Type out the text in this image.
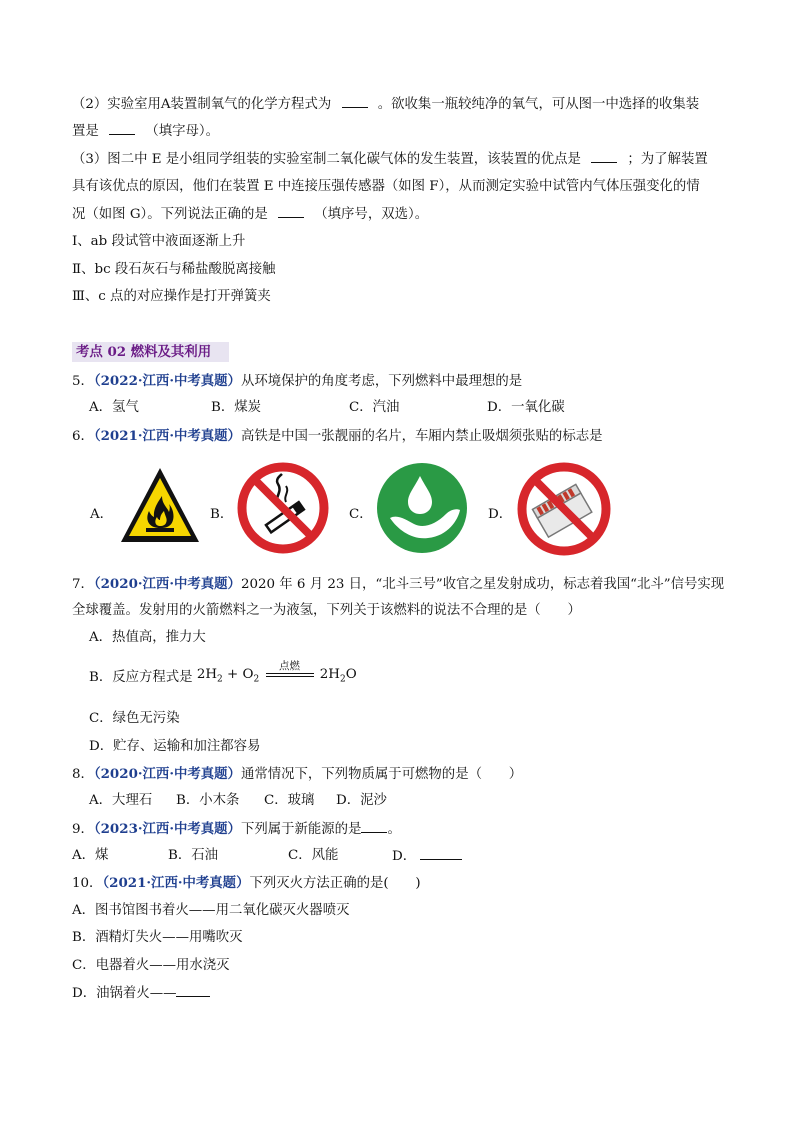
（2）实验室用A装置制氧气的化学方程式为	。欲收集一瓶较纯净的氧气，可从图一中选择的收集装
置是	（填字母）。
（3）图二中 E 是小组同学组装的实验室制二氧化碳气体的发生装置，该装置的优点是	；为了解装置
具有该优点的原因，他们在装置 E 中连接压强传感器（如图 F），从而测定实验中试管内气体压强变化的情
况（如图 G）。下列说法正确的是	（填序号，双选）。
Ⅰ、ab 段试管中液面逐渐上升
Ⅱ、bc 段石灰石与稀盐酸脱离接触
Ⅲ、c 点的对应操作是打开弹簧夹
考点 02 燃料及其利用
5．（2022·江西·中考真题）从环境保护的角度考虑，下列燃料中最理想的是
A．氢气	B．煤炭	C．汽油	D．一氧化碳
6．（2021·江西·中考真题）高铁是中国一张靓丽的名片，车厢内禁止吸烟须张贴的标志是
A．	B．	C．	D．
7．（2020·江西·中考真题）2020 年 6 月 23 日，“北斗三号”收官之星发射成功，标志着我国“北斗”信号实现
全球覆盖。发射用的火箭燃料之一为液氢，下列关于该燃料的说法不合理的是（　　）
A．热值高，推力大
B．反应方程式是 $2H_2 + O_2$
点燃
$2H_2O$
C．绿色无污染
D．贮存、运输和加注都容易
8．（2020·江西·中考真题）通常情况下，下列物质属于可燃物的是（　　）
A．大理石 B．小木条 C．玻璃 D．泥沙
9．（2023·江西·中考真题）下列属于新能源的是 。
A．煤	B．石油	C．风能	D．
10．（2021·江西·中考真题）下列灭火方法正确的是(　　)
A．图书馆图书着火——用二氧化碳灭火器喷灭
B．酒精灯失火——用嘴吹灭
C．电器着火——用水浇灭
D．油锅着火——
